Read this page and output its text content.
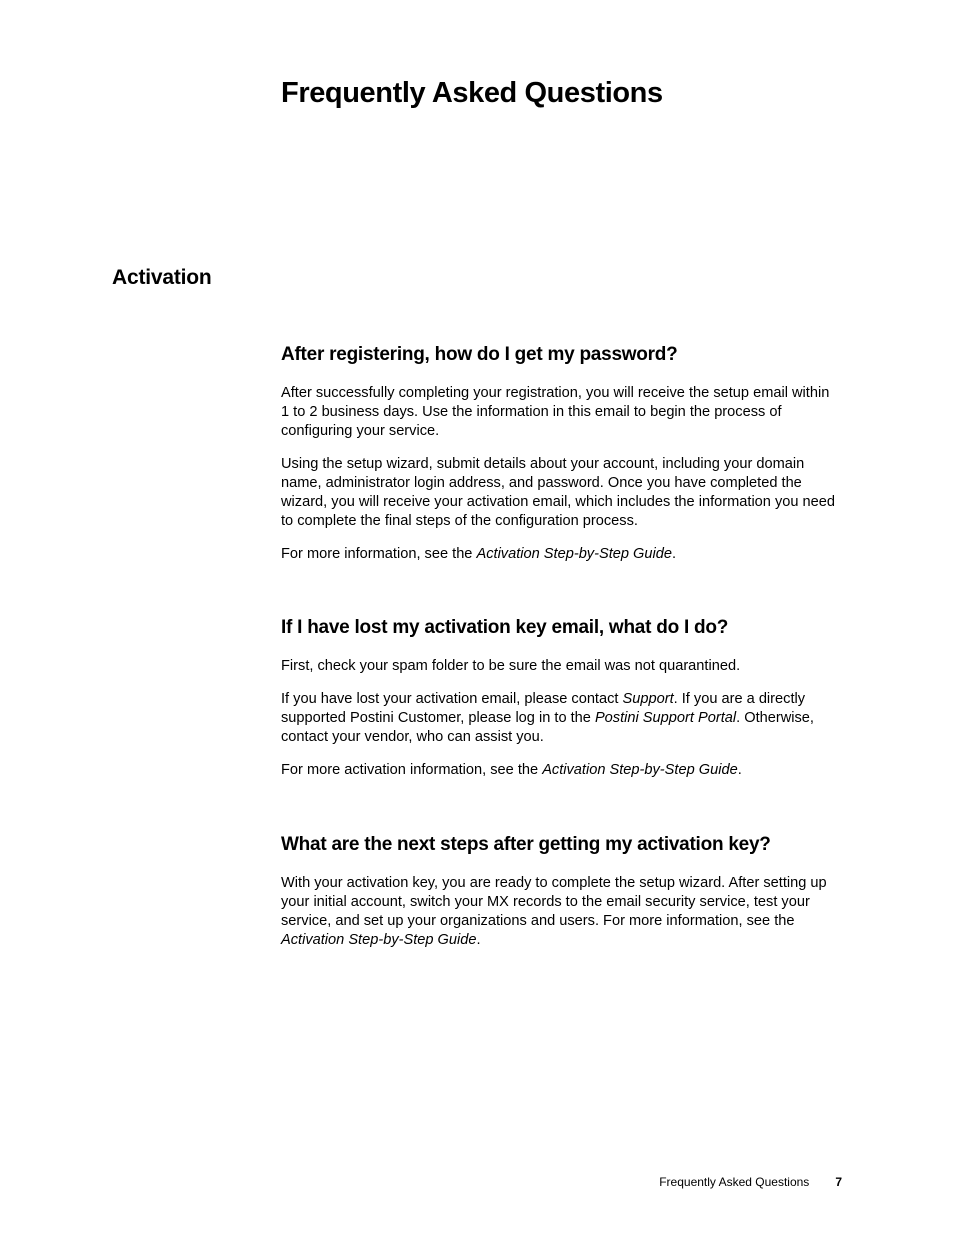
Frequently Asked Questions
Activation
After registering, how do I get my password?

After successfully completing your registration, you will receive the setup email within 1 to 2 business days. Use the information in this email to begin the process of configuring your service.

Using the setup wizard, submit details about your account, including your domain name, administrator login address, and password. Once you have completed the wizard, you will receive your activation email, which includes the information you need to complete the final steps of the configuration process.

For more information, see the Activation Step-by-Step Guide.

If I have lost my activation key email, what do I do?

First, check your spam folder to be sure the email was not quarantined.

If you have lost your activation email, please contact Support. If you are a directly supported Postini Customer, please log in to the Postini Support Portal. Otherwise, contact your vendor, who can assist you.

For more activation information, see the Activation Step-by-Step Guide.

What are the next steps after getting my activation key?

With your activation key, you are ready to complete the setup wizard. After setting up your initial account, switch your MX records to the email security service, test your service, and set up your organizations and users. For more information, see the Activation Step-by-Step Guide.

Frequently Asked Questions 7
